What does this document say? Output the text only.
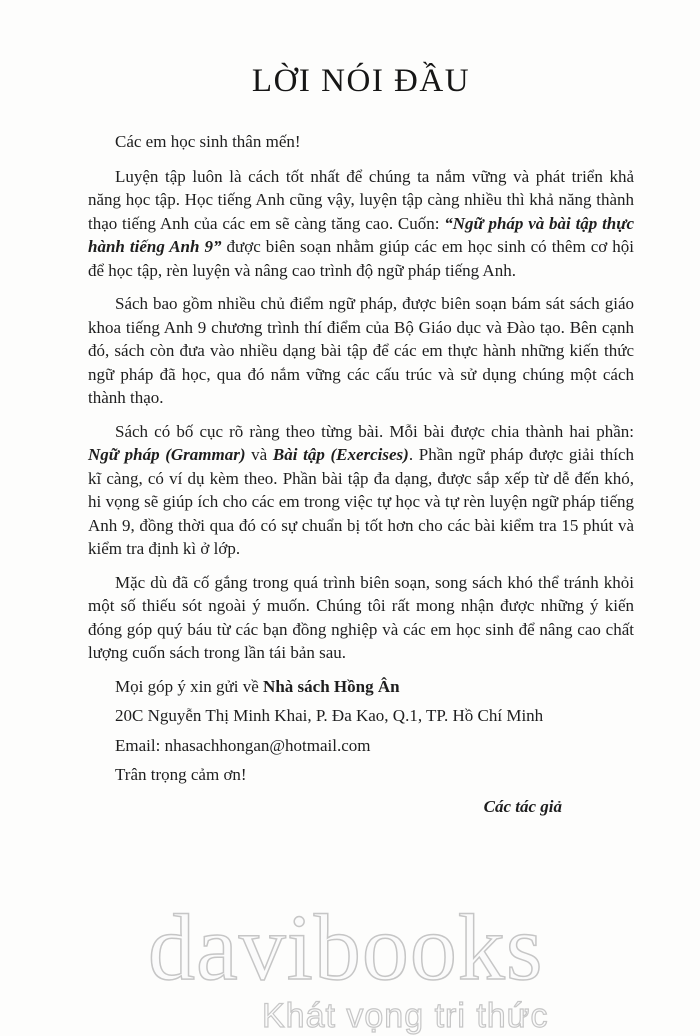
LỜI NÓI ĐẦU

Các em học sinh thân mến!

Luyện tập luôn là cách tốt nhất để chúng ta nắm vững và phát triển khả năng học tập. Học tiếng Anh cũng vậy, luyện tập càng nhiều thì khả năng thành thạo tiếng Anh của các em sẽ càng tăng cao. Cuốn: “Ngữ pháp và bài tập thực hành tiếng Anh 9” được biên soạn nhằm giúp các em học sinh có thêm cơ hội để học tập, rèn luyện và nâng cao trình độ ngữ pháp tiếng Anh.

Sách bao gồm nhiều chủ điểm ngữ pháp, được biên soạn bám sát sách giáo khoa tiếng Anh 9 chương trình thí điểm của Bộ Giáo dục và Đào tạo. Bên cạnh đó, sách còn đưa vào nhiều dạng bài tập để các em thực hành những kiến thức ngữ pháp đã học, qua đó nắm vững các cấu trúc và sử dụng chúng một cách thành thạo.

Sách có bố cục rõ ràng theo từng bài. Mỗi bài được chia thành hai phần: Ngữ pháp (Grammar) và Bài tập (Exercises). Phần ngữ pháp được giải thích kĩ càng, có ví dụ kèm theo. Phần bài tập đa dạng, được sắp xếp từ dễ đến khó, hi vọng sẽ giúp ích cho các em trong việc tự học và tự rèn luyện ngữ pháp tiếng Anh 9, đồng thời qua đó có sự chuẩn bị tốt hơn cho các bài kiểm tra 15 phút và kiểm tra định kì ở lớp.

Mặc dù đã cố gắng trong quá trình biên soạn, song sách khó thể tránh khỏi một số thiếu sót ngoài ý muốn. Chúng tôi rất mong nhận được những ý kiến đóng góp quý báu từ các bạn đồng nghiệp và các em học sinh để nâng cao chất lượng cuốn sách trong lần tái bản sau.

Mọi góp ý xin gửi về Nhà sách Hồng Ân

20C Nguyễn Thị Minh Khai, P. Đa Kao, Q.1, TP. Hồ Chí Minh

Email: nhasachhongan@hotmail.com

Trân trọng cảm ơn!

Các tác giả

davibooks
Khát vọng tri thức
